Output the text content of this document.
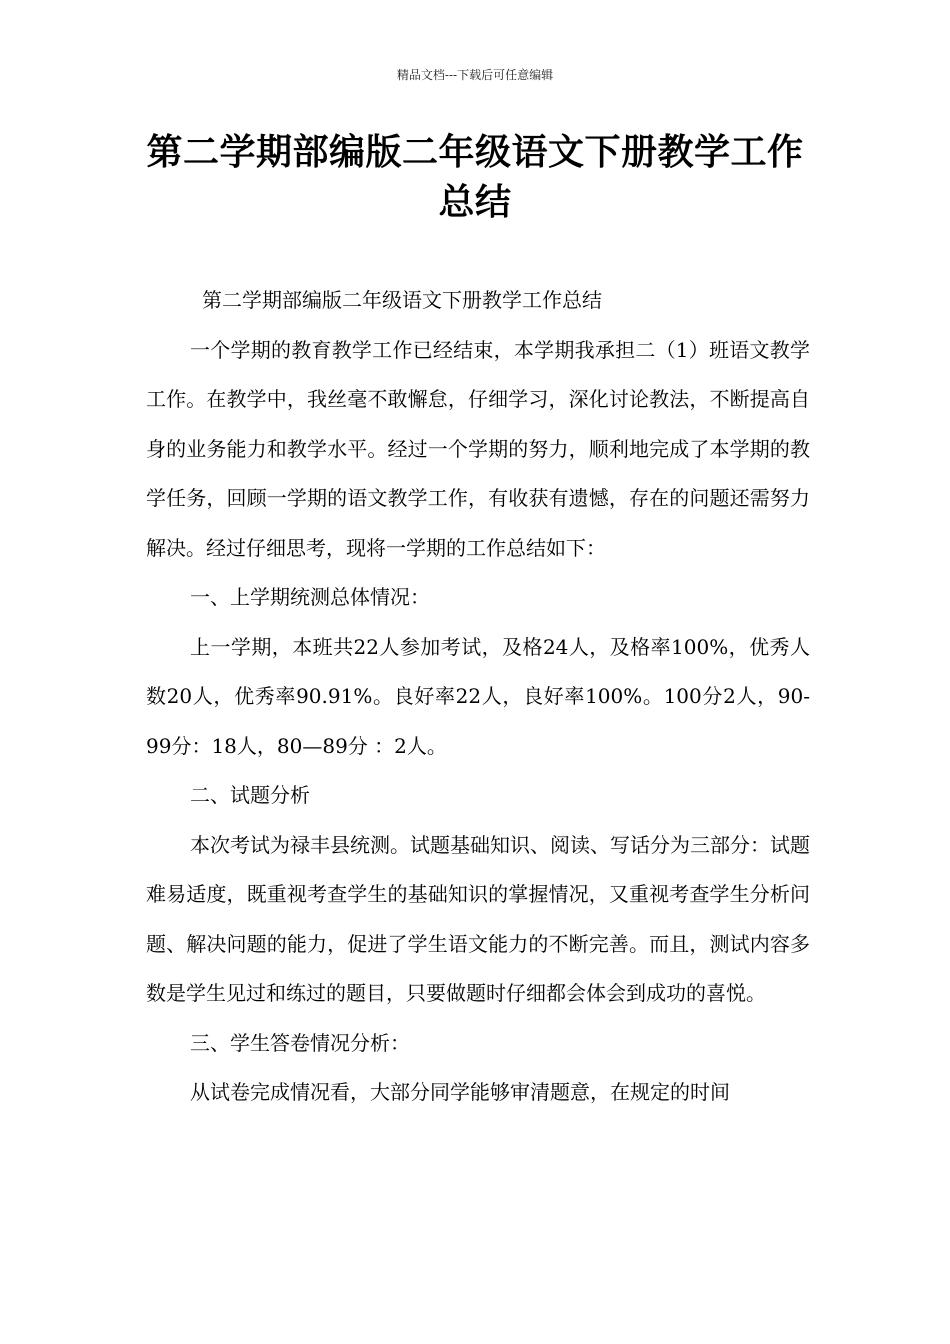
精品文档---下载后可任意编辑
第二学期部编版二年级语文下册教学工作总结

第二学期部编版二年级语文下册教学工作总结

一个学期的教育教学工作已经结束，本学期我承担二（1）班语文教学工作。在教学中，我丝毫不敢懈怠，仔细学习，深化讨论教法，不断提高自身的业务能力和教学水平。经过一个学期的努力，顺利地完成了本学期的教学任务，回顾一学期的语文教学工作，有收获有遗憾，存在的问题还需努力解决。经过仔细思考，现将一学期的工作总结如下：

一、上学期统测总体情况：

上一学期，本班共22人参加考试，及格24人，及格率100%，优秀人数20人，优秀率90.91%。良好率22人，良好率100%。100分2人，90-99分：18人，80—89分 ：2人。

二、试题分析

本次考试为禄丰县统测。试题基础知识、阅读、写话分为三部分：试题难易适度，既重视考查学生的基础知识的掌握情况，又重视考查学生分析问题、解决问题的能力，促进了学生语文能力的不断完善。而且，测试内容多数是学生见过和练过的题目，只要做题时仔细都会体会到成功的喜悦。

三、学生答卷情况分析：

从试卷完成情况看，大部分同学能够审清题意，在规定的时间
